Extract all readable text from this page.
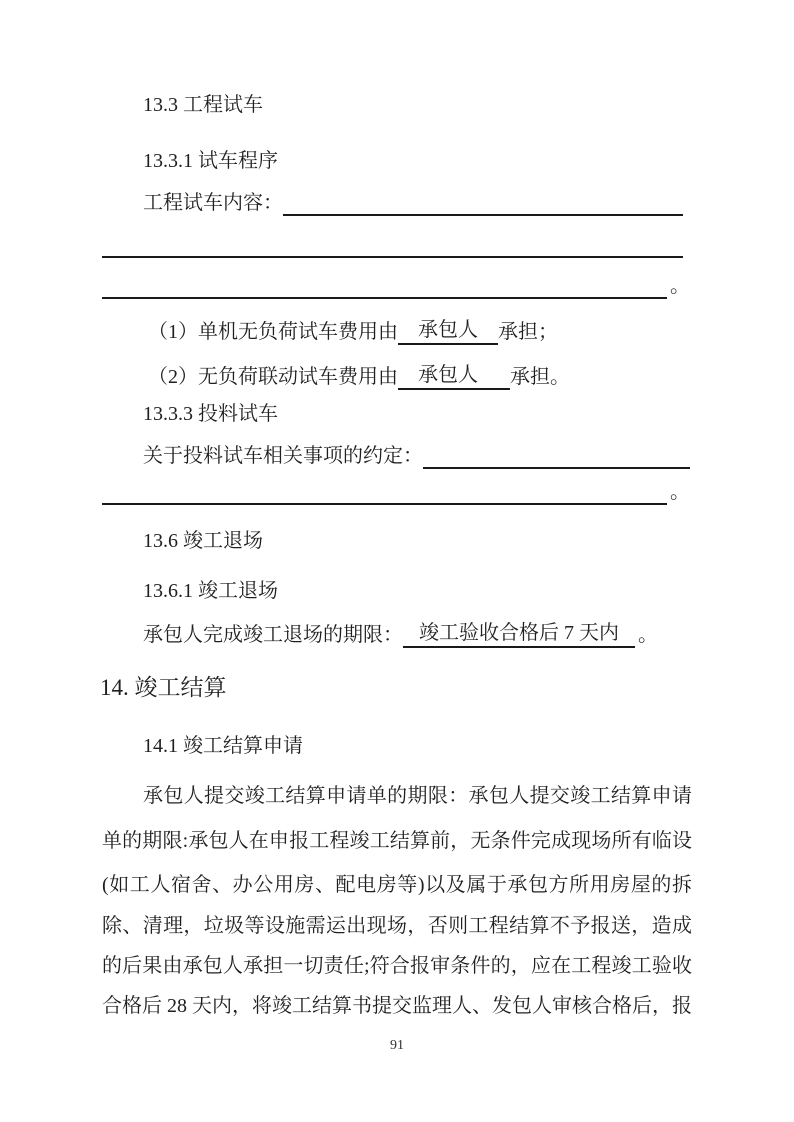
13.3 工程试车
13.3.1 试车程序
工程试车内容：
。
（1）单机无负荷试车费用由	承包人	承担；
（2）无负荷联动试车费用由	承包人	承担。
13.3.3 投料试车
关于投料试车相关事项的约定：
。
13.6 竣工退场
13.6.1 竣工退场
承包人完成竣工退场的期限： 竣工验收合格后 7 天内 。
14. 竣工结算
14.1 竣工结算申请
承包人提交竣工结算申请单的期限：承包人提交竣工结算申请
单的期限:承包人在申报工程竣工结算前，无条件完成现场所有临设
(如工人宿舍、办公用房、配电房等)以及属于承包方所用房屋的拆
除、清理，垃圾等设施需运出现场，否则工程结算不予报送，造成
的后果由承包人承担一切责任;符合报审条件的，应在工程竣工验收
合格后 28 天内，将竣工结算书提交监理人、发包人审核合格后，报
91
